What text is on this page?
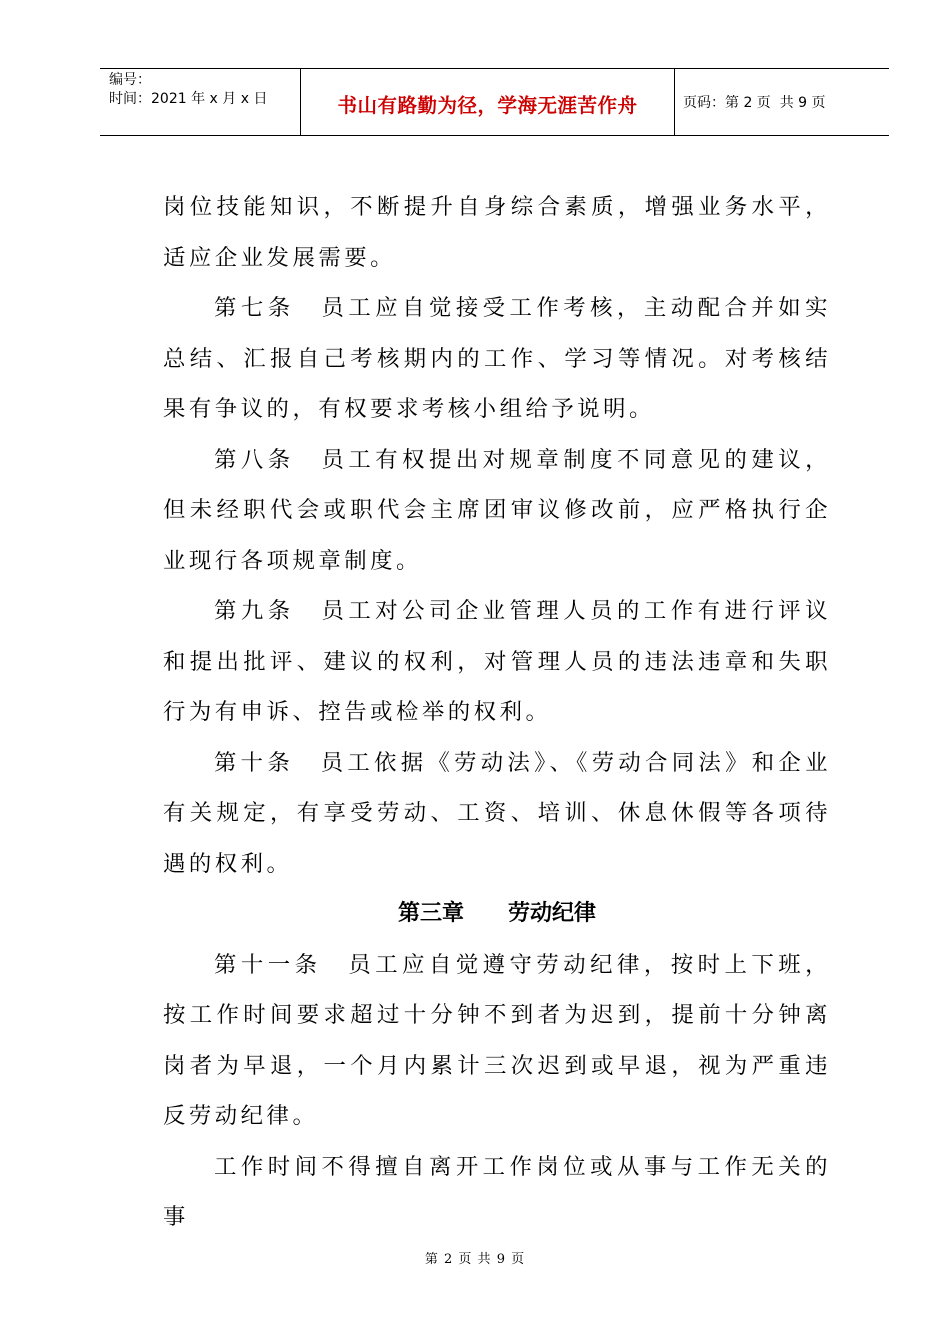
编号：
时间：2021 年 x 月 x 日	书山有路勤为径，学海无涯苦作舟	页码：第 2 页  共 9 页

岗位技能知识，不断提升自身综合素质，增强业务水平，适应企业发展需要。

第七条　员工应自觉接受工作考核，主动配合并如实总结、汇报自己考核期内的工作、学习等情况。对考核结果有争议的，有权要求考核小组给予说明。

第八条　员工有权提出对规章制度不同意见的建议，但未经职代会或职代会主席团审议修改前，应严格执行企业现行各项规章制度。

第九条　员工对公司企业管理人员的工作有进行评议和提出批评、建议的权利，对管理人员的违法违章和失职行为有申诉、控告或检举的权利。

第十条　员工依据《劳动法》、《劳动合同法》和企业有关规定，有享受劳动、工资、培训、休息休假等各项待遇的权利。

第三章　　劳动纪律

第十一条　员工应自觉遵守劳动纪律，按时上下班，按工作时间要求超过十分钟不到者为迟到，提前十分钟离岗者为早退，一个月内累计三次迟到或早退，视为严重违反劳动纪律。

工作时间不得擅自离开工作岗位或从事与工作无关的事

第 2 页 共 9 页
